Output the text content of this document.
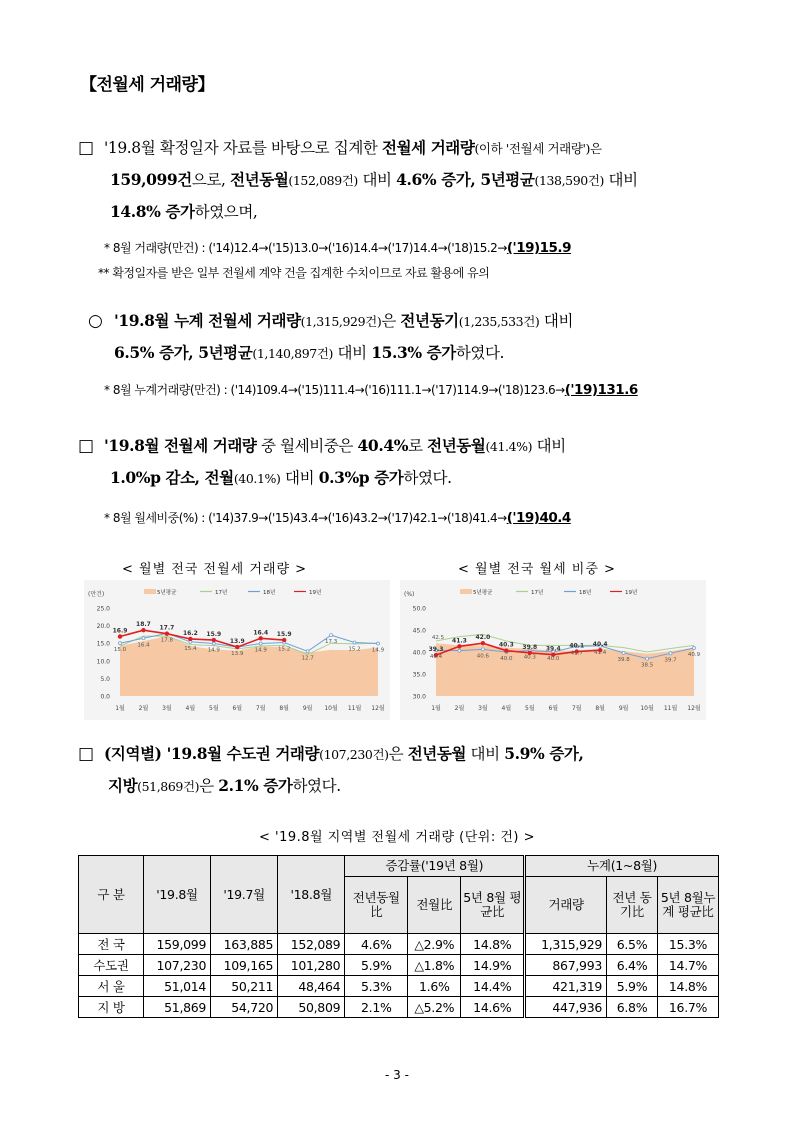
【전월세 거래량】
□ '19.8월 확정일자 자료를 바탕으로 집계한 전월세 거래량(이하 '전월세 거래량')은
159,099건으로, 전년동월(152,089건) 대비 4.6% 증가, 5년평균(138,590건) 대비
14.8% 증가하였으며,
* 8월 거래량(만건) : ('14)12.4→('15)13.0→('16)14.4→('17)14.4→('18)15.2→('19)15.9
** 확정일자를 받은 일부 전월세 계약 건을 집계한 수치이므로 자료 활용에 유의
○ '19.8월 누계 전월세 거래량(1,315,929건)은 전년동기(1,235,533건) 대비
6.5% 증가, 5년평균(1,140,897건) 대비 15.3% 증가하였다.
* 8월 누계거래량(만건) : ('14)109.4→('15)111.4→('16)111.1→('17)114.9→('18)123.6→('19)131.6
□ '19.8월 전월세 거래량 중 월세비중은 40.4%로 전년동월(41.4%) 대비
1.0%p 감소, 전월(40.1%) 대비 0.3%p 증가하였다.
* 8월 월세비중(%) : ('14)37.9→('15)43.4→('16)43.2→('17)42.1→('18)41.4→('19)40.4
< 월별 전국 전월세 거래량 >	< 월별 전국 월세 비중 >
0.0
5.0
10.0
15.0
20.0
25.0
(만건)	5년평균	17년	18년	19년
16.9
18.7
17.7
16.2 15.9
13.9
16.4 15.9
15.0
16.4
17.8
15.4 14.9
13.9
14.9 15.2
12.7
17.3
15.2 14.9
1월 2월 3월 4월 5월 6월 7월 8월 9월 10월 11월 12월
30.0
35.0
40.0
45.0
50.0
(%)	5년평균	17년	18년	19년
39.3
41.3 42.0
40.3 39.8 39.4 40.1 40.4
40.4	40.6 40.0 40.3 40.0
41.7 41.4
39.8
38.5
39.7
40.9
42.5
1월 2월 3월 4월 5월 6월 7월 8월 9월 10월 11월 12월
□ (지역별) '19.8월 수도권 거래량(107,230건)은 전년동월 대비 5.9% 증가,
지방(51,869건)은 2.1% 증가하였다.
< '19.8월 지역별 전월세 거래량 (단위: 건) >
구 분	'19.8월	'19.7월	'18.8월	증감률('19년 8월)			누계(1~8월)		
				전년동월比	전월比	5년 8월 평균比	거래량	전년 동기比	5년 8월누계 평균比
전 국	159,099	163,885	152,089	4.6%	△2.9%	14.8%	1,315,929	6.5%	15.3%
수도권	107,230	109,165	101,280	5.9%	△1.8%	14.9%	867,993	6.4%	14.7%
서 울	51,014	50,211	48,464	5.3%	1.6%	14.4%	421,319	5.9%	14.8%
지 방	51,869	54,720	50,809	2.1%	△5.2%	14.6%	447,936	6.8%	16.7%
- 3 -
